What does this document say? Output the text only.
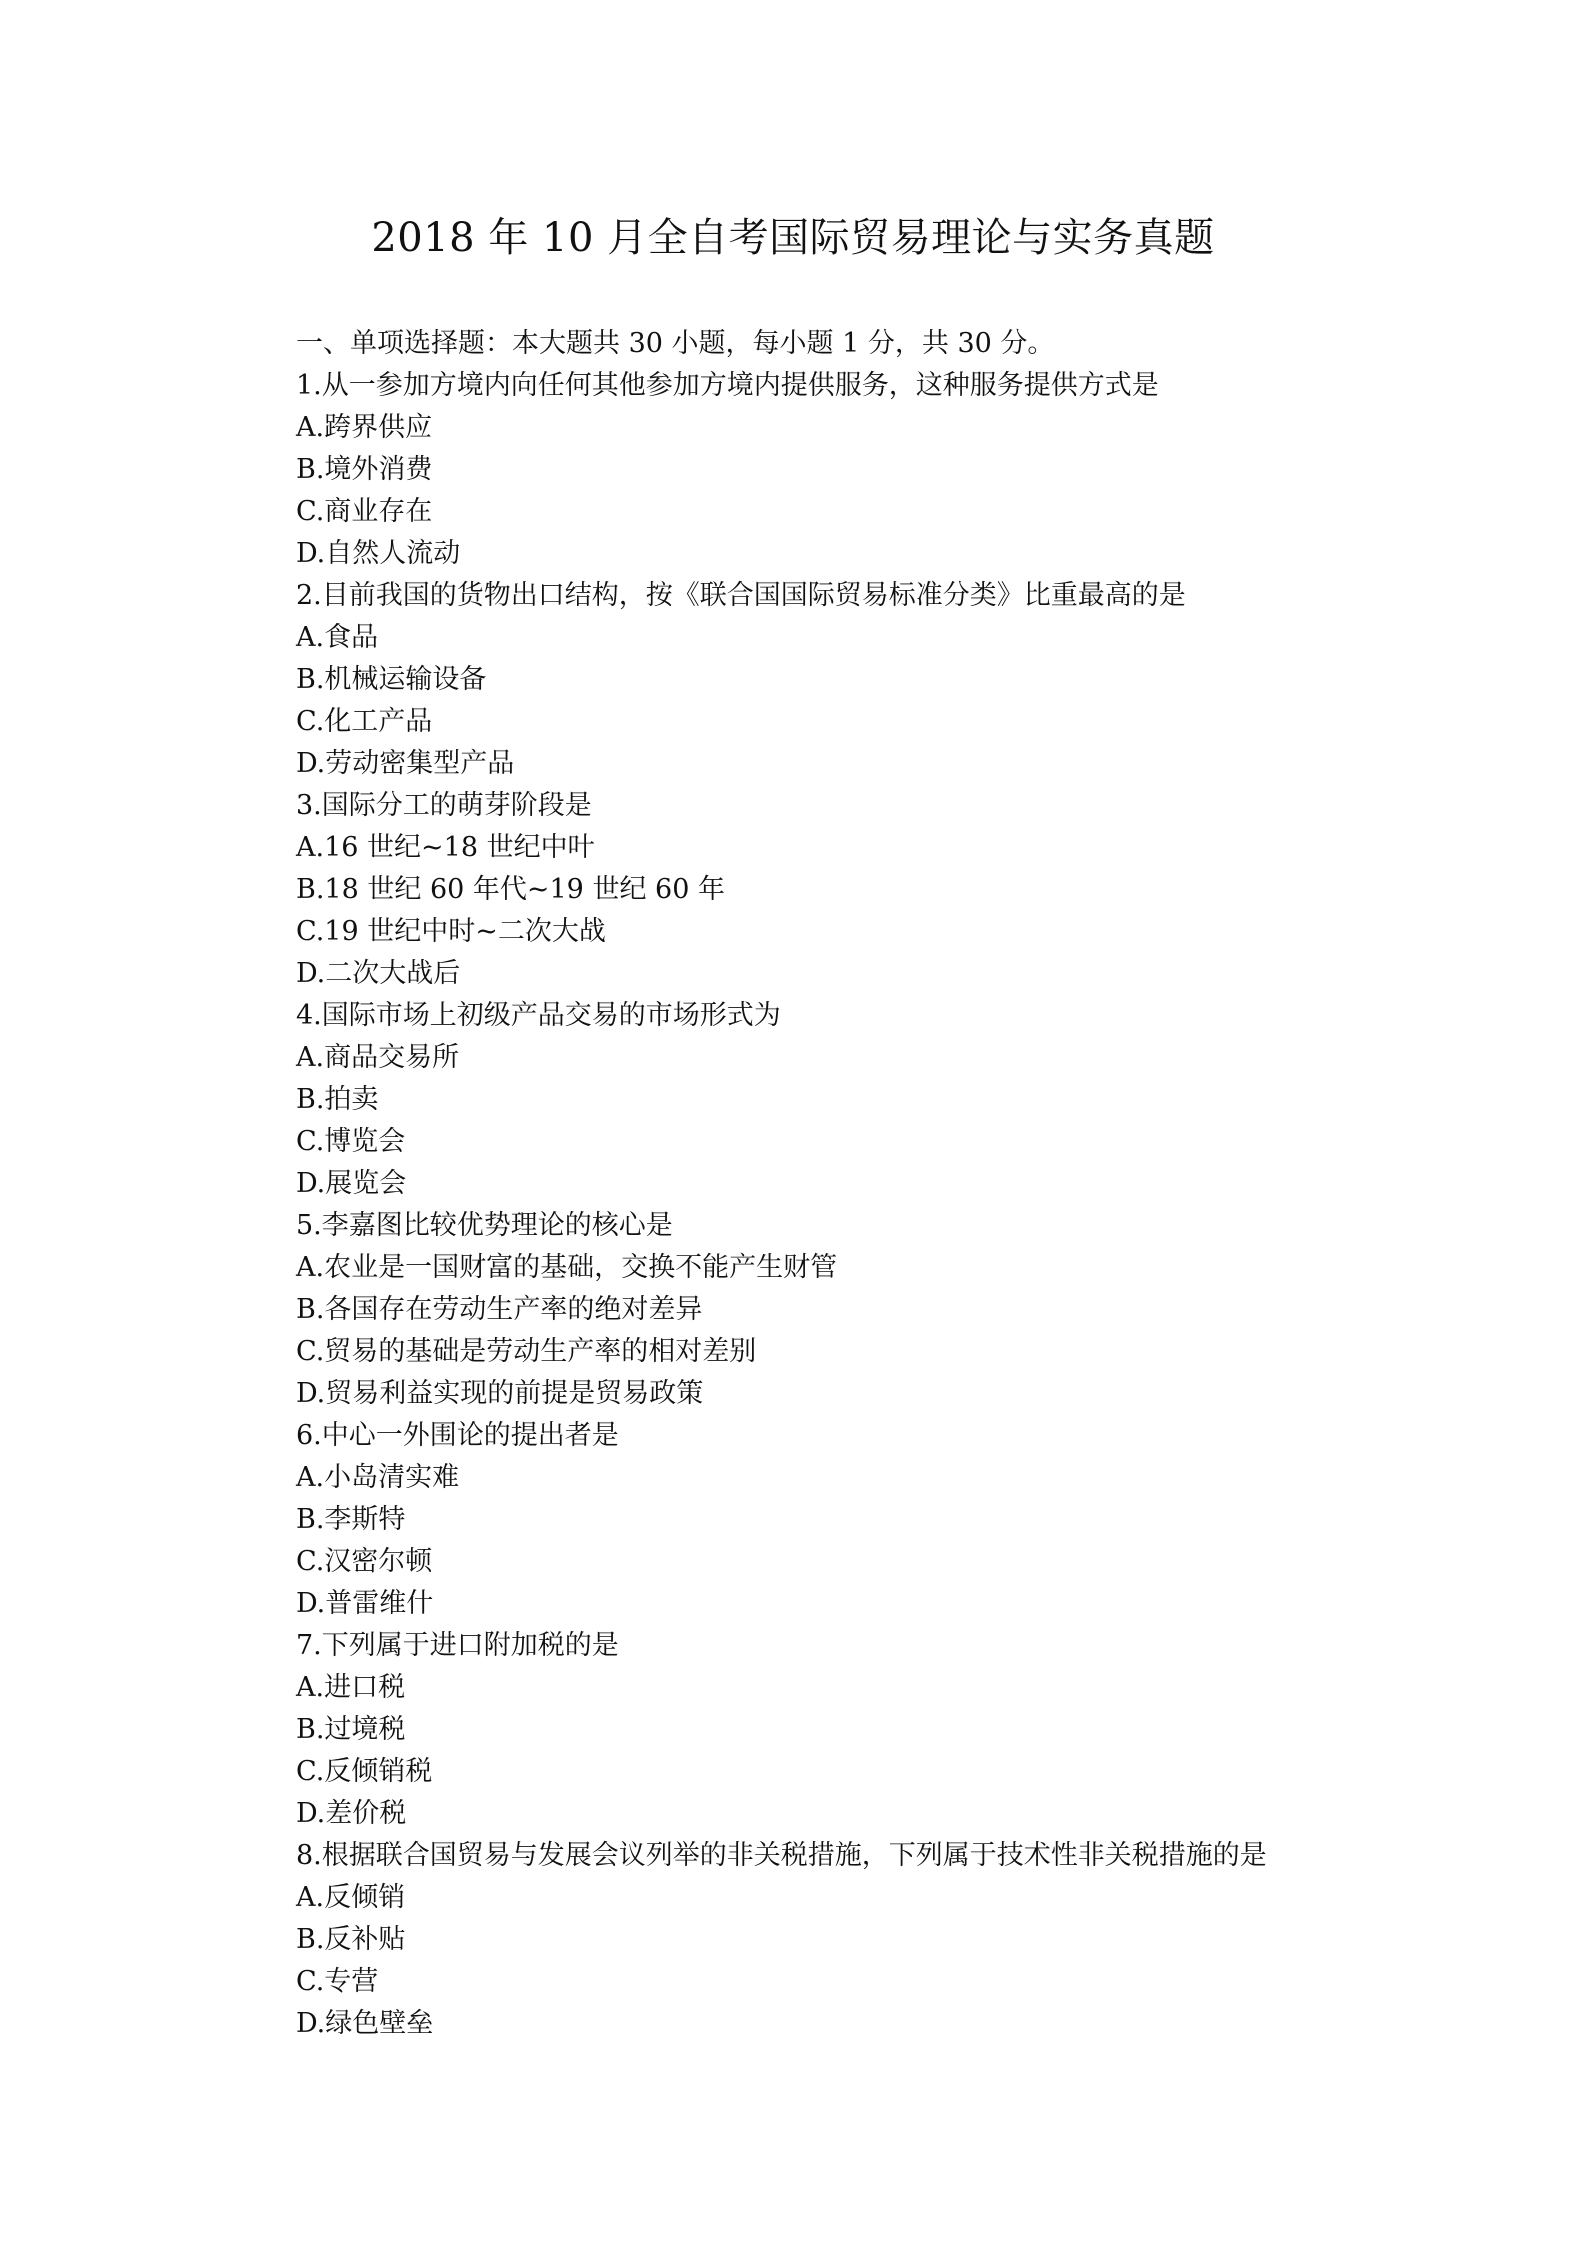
2018 年 10 月全自考国际贸易理论与实务真题
一、单项选择题：本大题共 30 小题，每小题 1 分，共 30 分。
1.从一参加方境内向任何其他参加方境内提供服务，这种服务提供方式是
A.跨界供应
B.境外消费
C.商业存在
D.自然人流动
2.目前我国的货物出口结构，按《联合国国际贸易标准分类》比重最高的是
A.食品
B.机械运输设备
C.化工产品
D.劳动密集型产品
3.国际分工的萌芽阶段是
A.16 世纪~18 世纪中叶
B.18 世纪 60 年代~19 世纪 60 年
C.19 世纪中时~二次大战
D.二次大战后
4.国际市场上初级产品交易的市场形式为
A.商品交易所
B.拍卖
C.博览会
D.展览会
5.李嘉图比较优势理论的核心是
A.农业是一国财富的基础，交换不能产生财管
B.各国存在劳动生产率的绝对差异
C.贸易的基础是劳动生产率的相对差别
D.贸易利益实现的前提是贸易政策
6.中心一外围论的提出者是
A.小岛清实难
B.李斯特
C.汉密尔顿
D.普雷维什
7.下列属于进口附加税的是
A.进口税
B.过境税
C.反倾销税
D.差价税
8.根据联合国贸易与发展会议列举的非关税措施，下列属于技术性非关税措施的是
A.反倾销
B.反补贴
C.专营
D.绿色壁垒
